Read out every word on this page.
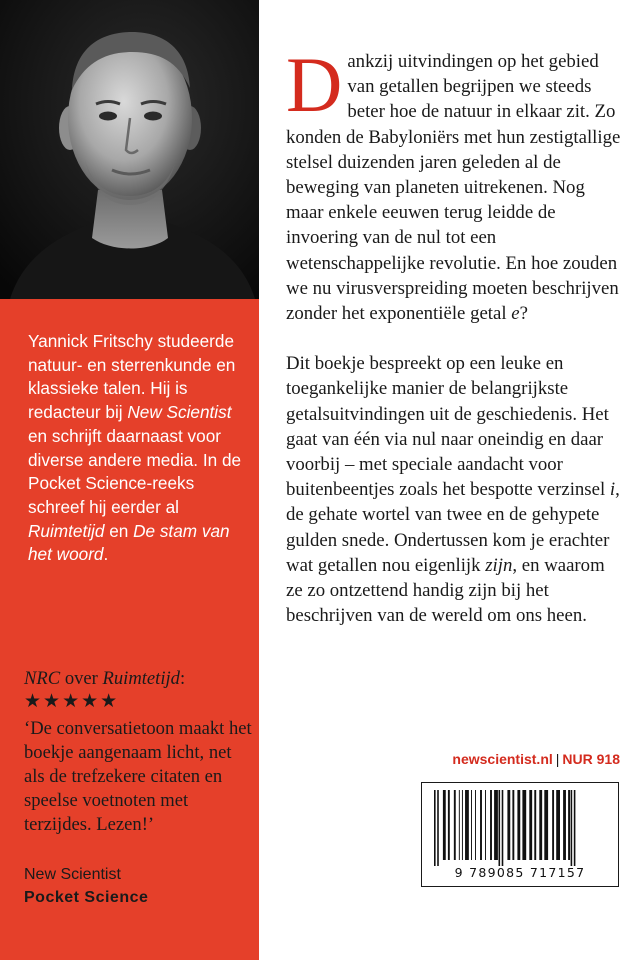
Yannick Fritschy studeerde natuur- en sterrenkunde en klassieke talen. Hij is redacteur bij New Scientist en schrijft daarnaast voor diverse andere media. In de Pocket Science-reeks schreef hij eerder al Ruimtetijd en De stam van het woord.

NRC over Ruimtetijd:

★★★★★

‘De conversatietoon maakt het boekje aangenaam licht, net als de trefzekere citaten en speelse voetnoten met terzijdes. Lezen!’

New Scientist
Pocket Science

Dankzij uitvindingen op het gebied van getallen begrijpen we steeds beter hoe de natuur in elkaar zit. Zo konden de Babyloniërs met hun zestigtallige stelsel duizenden jaren geleden al de beweging van planeten uitrekenen. Nog maar enkele eeuwen terug leidde de invoering van de nul tot een wetenschappelijke revolutie. En hoe zouden we nu virusverspreiding moeten beschrijven zonder het exponentiële getal e?

Dit boekje bespreekt op een leuke en toegankelijke manier de belangrijkste getalsuitvindingen uit de geschiedenis. Het gaat van één via nul naar oneindig en daar voorbij – met speciale aandacht voor buitenbeentjes zoals het bespotte verzinsel i, de gehate wortel van twee en de gehypete gulden snede. Ondertussen kom je erachter wat getallen nou eigenlijk zijn, en waarom ze zo ontzettend handig zijn bij het beschrijven van de wereld om ons heen.

newscientist.nl | NUR 918
9 789085 717157
